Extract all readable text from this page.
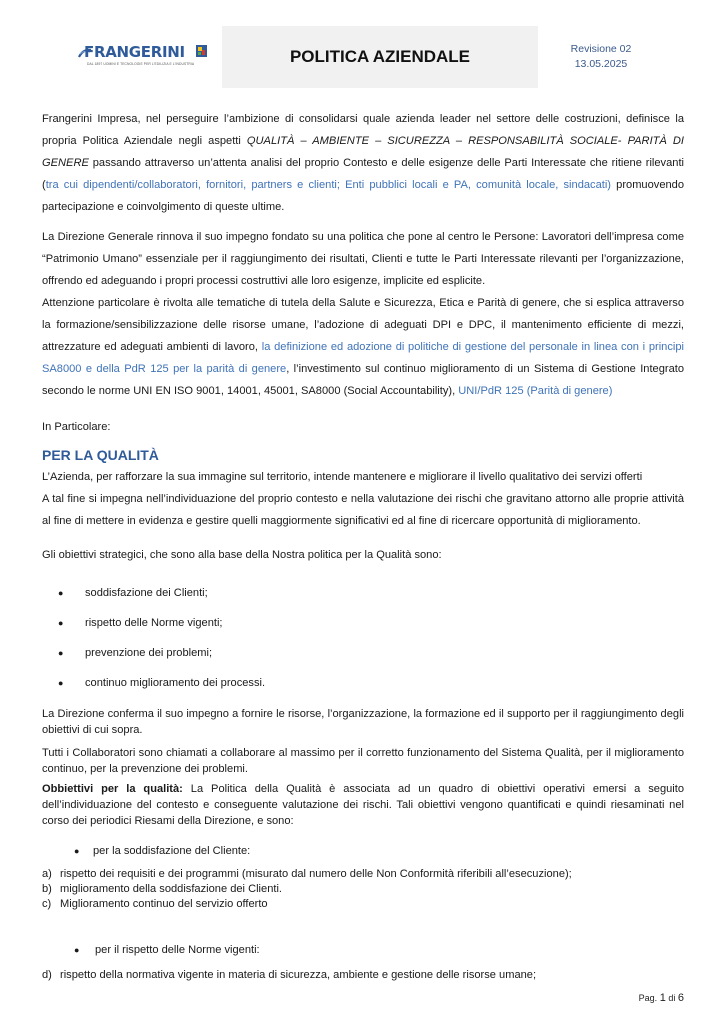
FRANGERINI
DAL 1897 UOMINI E TECNOLOGIE PER L'EDILIZIA E L'INDUSTRIA	POLITICA AZIENDALE	Revisione 02
13.05.2025

Frangerini Impresa, nel perseguire l’ambizione di consolidarsi quale azienda leader nel settore delle costruzioni, definisce la propria Politica Aziendale negli aspetti QUALITÀ – AMBIENTE – SICUREZZA – RESPONSABILITÀ SOCIALE- PARITÀ DI GENERE passando attraverso un’attenta analisi del proprio Contesto e delle esigenze delle Parti Interessate che ritiene rilevanti (tra cui dipendenti/collaboratori, fornitori, partners e clienti; Enti pubblici locali e PA, comunità locale, sindacati) promuovendo partecipazione e coinvolgimento di queste ultime.

La Direzione Generale rinnova il suo impegno fondato su una politica che pone al centro le Persone: Lavoratori dell’impresa come “Patrimonio Umano” essenziale per il raggiungimento dei risultati, Clienti e tutte le Parti Interessate rilevanti per l’organizzazione, offrendo ed adeguando i propri processi costruttivi alle loro esigenze, implicite ed esplicite.

Attenzione particolare è rivolta alle tematiche di tutela della Salute e Sicurezza, Etica e Parità di genere, che si esplica attraverso la formazione/sensibilizzazione delle risorse umane, l’adozione di adeguati DPI e DPC, il mantenimento efficiente di mezzi, attrezzature ed adeguati ambienti di lavoro, la definizione ed adozione di politiche di gestione del personale in linea con i principi SA8000 e della PdR 125 per la parità di genere, l’investimento sul continuo miglioramento di un Sistema di Gestione Integrato secondo le norme UNI EN ISO 9001, 14001, 45001, SA8000 (Social Accountability), UNI/PdR 125 (Parità di genere)

In Particolare:

PER LA QUALITÀ

L’Azienda, per rafforzare la sua immagine sul territorio, intende mantenere e migliorare il livello qualitativo dei servizi offerti

A tal fine si impegna nell’individuazione del proprio contesto e nella valutazione dei rischi che gravitano attorno alle proprie attività al fine di mettere in evidenza e gestire quelli maggiormente significativi ed al fine di ricercare opportunità di miglioramento.

Gli obiettivi strategici, che sono alla base della Nostra politica per la Qualità sono:

● soddisfazione dei Clienti;
● rispetto delle Norme vigenti;
● prevenzione dei problemi;
● continuo miglioramento dei processi.

La Direzione conferma il suo impegno a fornire le risorse, l’organizzazione, la formazione ed il supporto per il raggiungimento degli obiettivi di cui sopra.

Tutti i Collaboratori sono chiamati a collaborare al massimo per il corretto funzionamento del Sistema Qualità, per il miglioramento continuo, per la prevenzione dei problemi.

Obbiettivi per la qualità: La Politica della Qualità è associata ad un quadro di obiettivi operativi emersi a seguito dell’individuazione del contesto e conseguente valutazione dei rischi. Tali obiettivi vengono quantificati e quindi riesaminati nel corso dei periodici Riesami della Direzione, e sono:

● per la soddisfazione del Cliente:
a) rispetto dei requisiti e dei programmi (misurato dal numero delle Non Conformità riferibili all’esecuzione);
b) miglioramento della soddisfazione dei Clienti.
c) Miglioramento continuo del servizio offerto
● per il rispetto delle Norme vigenti:
d) rispetto della normativa vigente in materia di sicurezza, ambiente e gestione delle risorse umane;
Pag. 1 di 6
